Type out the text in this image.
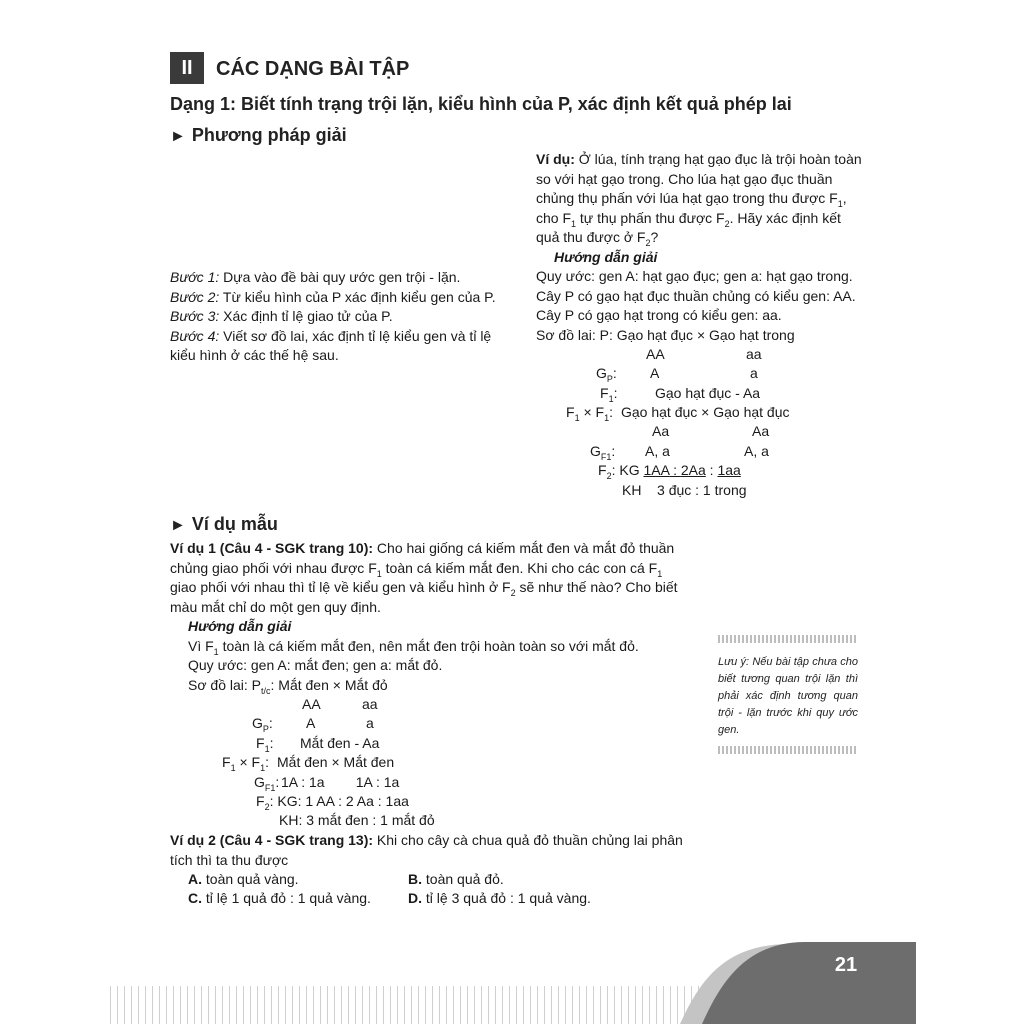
II	CÁC DẠNG BÀI TẬP
Dạng 1: Biết tính trạng trội lặn, kiểu hình của P, xác định kết quả phép lai
► Phương pháp giải
Bước 1: Dựa vào đề bài quy ước gen trội - lặn.
Bước 2: Từ kiểu hình của P xác định kiểu gen của P.
Bước 3: Xác định tỉ lệ giao tử của P.
Bước 4: Viết sơ đồ lai, xác định tỉ lệ kiểu gen và tỉ lệ
kiểu hình ở các thế hệ sau.
Ví dụ: Ở lúa, tính trạng hạt gạo đục là trội hoàn toàn
so với hạt gạo trong. Cho lúa hạt gạo đục thuần
chủng thụ phấn với lúa hạt gạo trong thu được $F_1$,
cho $F_1$ tự thụ phấn thu được $F_2$. Hãy xác định kết
quả thu được ở $F_2$?
Hướng dẫn giải
Quy ước: gen A: hạt gạo đục; gen a: hạt gạo trong.
Cây P có gạo hạt đục thuần chủng có kiểu gen: AA.
Cây P có gạo hạt trong có kiểu gen: aa.
Sơ đồ lai: P: Gạo hạt đục × Gạo hạt trong
AA	aa
$G_P$: A	a
$F_1$:	Gạo hạt đục - Aa
$F_1 \times F_1$: Gạo hạt đục × Gạo hạt đục
Aa	Aa
$G_{F1}$: A, a	A, a
$F_2$: KG 1AA : 2Aa : 1aa
KH 3 đục : 1 trong
► Ví dụ mẫu
Ví dụ 1 (Câu 4 - SGK trang 10): Cho hai giống cá kiếm mắt đen và mắt đỏ thuần
chủng giao phối với nhau được $F_1$ toàn cá kiếm mắt đen. Khi cho các con cá $F_1$
giao phối với nhau thì tỉ lệ về kiểu gen và kiểu hình ở $F_2$ sẽ như thế nào? Cho biết
màu mắt chỉ do một gen quy định.
Hướng dẫn giải
Vì $F_1$ toàn là cá kiếm mắt đen, nên mắt đen trội hoàn toàn so với mắt đỏ.
Quy ước: gen A: mắt đen; gen a: mắt đỏ.
Sơ đồ lai: $P_{t/c}$: Mắt đen × Mắt đỏ
AA	aa
$G_P$: A	a
$F_1$: Mắt đen - Aa
$F_1 \times F_1$: Mắt đen × Mắt đen
$G_{F1}$: 1A : 1a        1A : 1a
$F_2$: KG: 1 AA : 2 Aa : 1aa
KH: 3 mắt đen : 1 mắt đỏ
Ví dụ 2 (Câu 4 - SGK trang 13): Khi cho cây cà chua quả đỏ thuần chủng lai phân
tích thì ta thu được
A. toàn quả vàng.	B. toàn quả đỏ.
C. tỉ lệ 1 quả đỏ : 1 quả vàng.	D. tỉ lệ 3 quả đỏ : 1 quả vàng.
Lưu ý: Nếu bài tập chưa cho biết tương quan trội lặn thì phải xác định tương quan trội - lặn trước khi quy ước gen.
21
